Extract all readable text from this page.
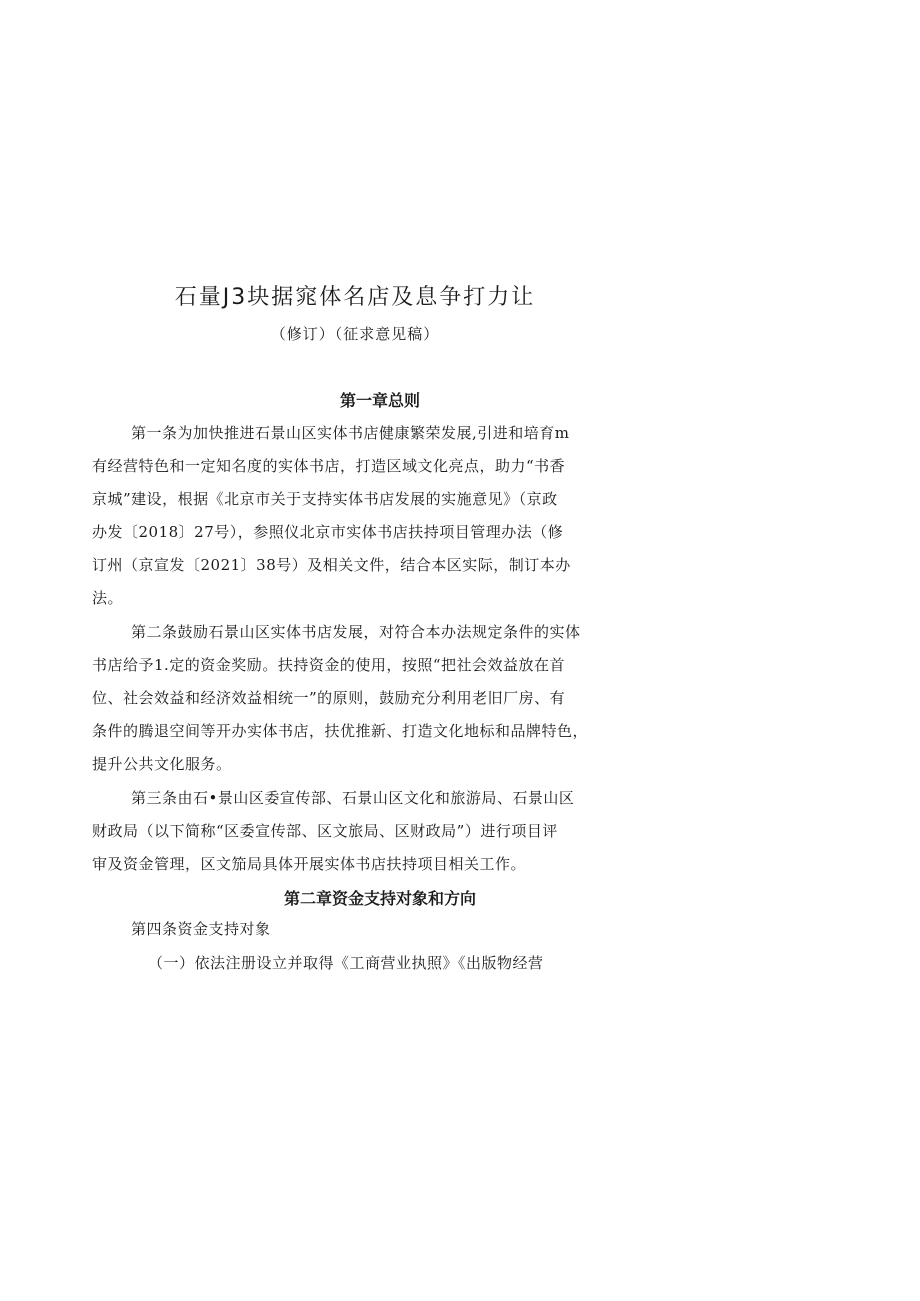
石量J3块据窕体名店及息争打力让
（修订）（征求意见稿）
第一章总则
第一条为加快推进石景山区实体书店健康繁荣发展,引进和培育m
有经营特色和一定知名度的实体书店，打造区域文化亮点，助力“书香
京城”建设，根据《北京市关于支持实体书店发展的实施意见》（京政
办发〔2018〕27号），参照仪北京市实体书店扶持项目管理办法（修
订州（京宣发〔2021〕38号）及相关文件，结合本区实际，制订本办
法。
第二条鼓励石景山区实体书店发展，对符合本办法规定条件的实体
书店给予1.定的资金奖励。扶持资金的使用，按照“把社会效益放在首
位、社会效益和经济效益相统一”的原则，鼓励充分利用老旧厂房、有
条件的腾退空间等开办实体书店，扶优推新、打造文化地标和品牌特色，
提升公共文化服务。
第三条由石•景山区委宣传部、石景山区文化和旅游局、石景山区
财政局（以下简称“区委宣传部、区文旅局、区财政局”）进行项目评
审及资金管理，区文笳局具体开展实体书店扶持项目相关工作。
第二章资金支持对象和方向
第四条资金支持对象
（一）依法注册设立并取得《工商营业执照》《出版物经营
